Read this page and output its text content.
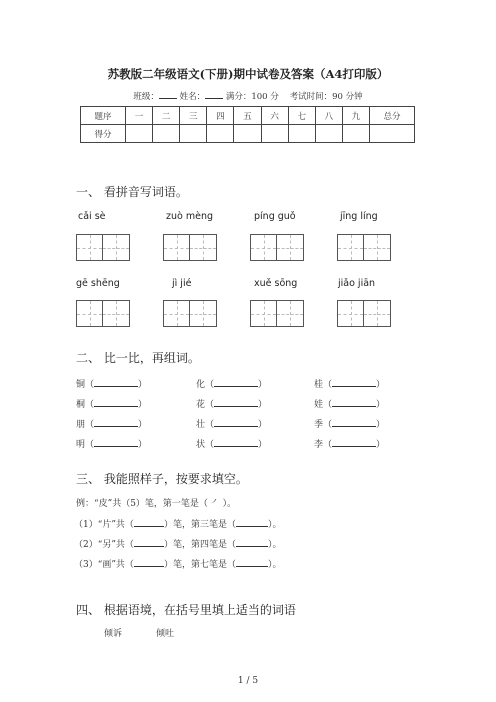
苏教版二年级语文(下册)期中试卷及答案（A4打印版）
班级： 姓名： 满分：100 分 考试时间：90 分钟
题序	一	二	三	四	五	六	七	八	九	总分
得分										
一、 看拼音写词语。
cǎi sè	zuò mèng	píng guǒ	jīng líng
gē shēng	jì jié	xuě sōng	jiǎo jiān
二、 比一比，再组词。
铜（	）	化（	）	桂（	）
桐（	）	花（	）	娃（	）
朋（	）	壮（	）	季（	）
明（	）	状（	）	李（	）
三、 我能照样子，按要求填空。
例：“皮”共（5）笔，第一笔是（ ㇒ ）。
（1）“片”共（	）笔，第三笔是（	）。
（2）“另”共（	）笔，第四笔是（	）。
（3）“画”共（	）笔，第七笔是（	）。
四、 根据语境，在括号里填上适当的词语
倾诉	倾吐
1 / 5
